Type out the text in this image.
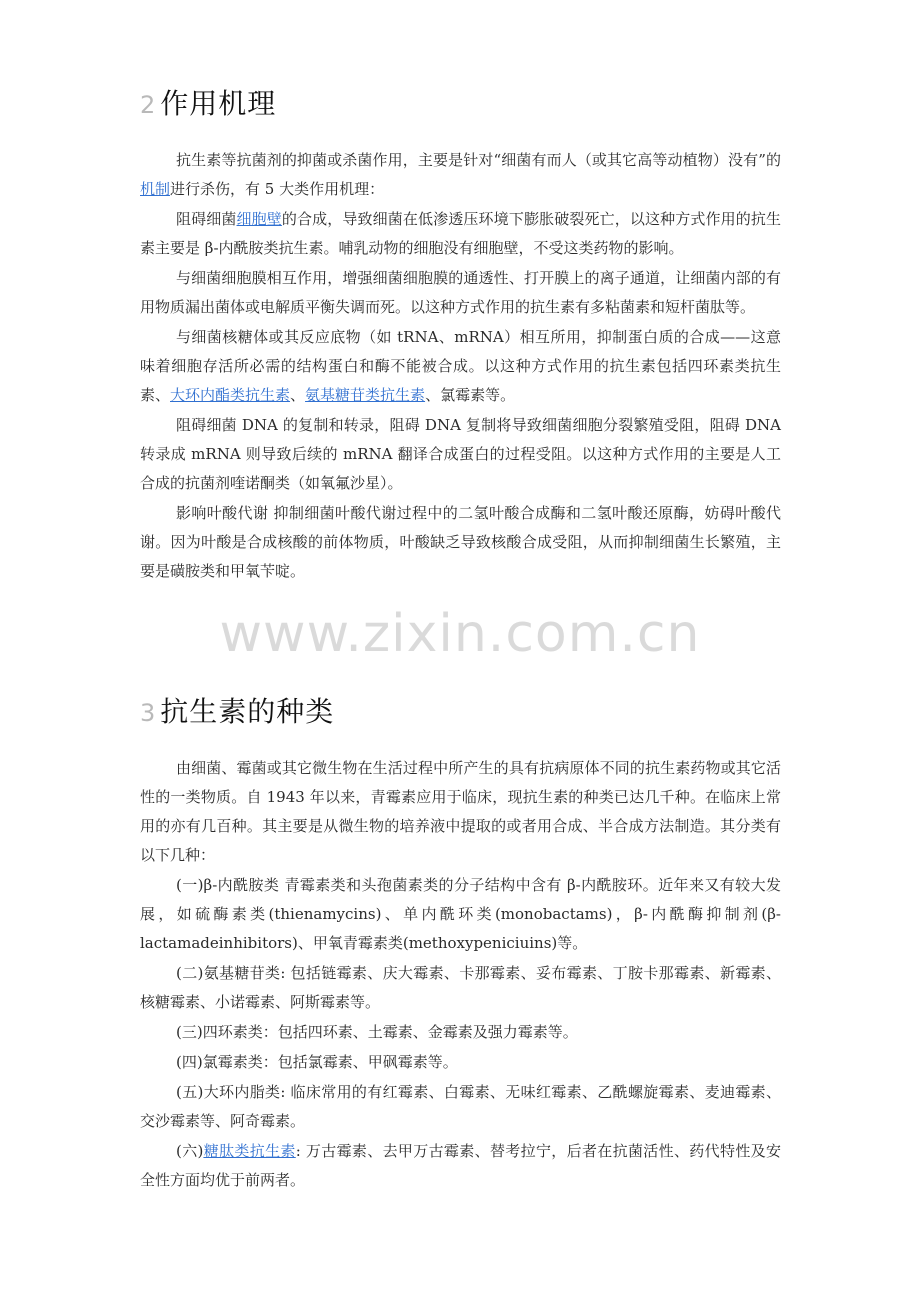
2 作用机理

抗生素等抗菌剂的抑菌或杀菌作用，主要是针对“细菌有而人（或其它高等动植物）没有”的机制进行杀伤，有 5 大类作用机理：

阻碍细菌细胞壁的合成，导致细菌在低渗透压环境下膨胀破裂死亡，以这种方式作用的抗生素主要是 β-内酰胺类抗生素。哺乳动物的细胞没有细胞壁，不受这类药物的影响。

与细菌细胞膜相互作用，增强细菌细胞膜的通透性、打开膜上的离子通道，让细菌内部的有用物质漏出菌体或电解质平衡失调而死。以这种方式作用的抗生素有多粘菌素和短杆菌肽等。

与细菌核糖体或其反应底物（如 tRNA、mRNA）相互所用，抑制蛋白质的合成——这意味着细胞存活所必需的结构蛋白和酶不能被合成。以这种方式作用的抗生素包括四环素类抗生素、大环内酯类抗生素、氨基糖苷类抗生素、氯霉素等。

阻碍细菌 DNA 的复制和转录，阻碍 DNA 复制将导致细菌细胞分裂繁殖受阻，阻碍 DNA 转录成 mRNA 则导致后续的 mRNA 翻译合成蛋白的过程受阻。以这种方式作用的主要是人工合成的抗菌剂喹诺酮类（如氧氟沙星）。

影响叶酸代谢 抑制细菌叶酸代谢过程中的二氢叶酸合成酶和二氢叶酸还原酶，妨碍叶酸代谢。因为叶酸是合成核酸的前体物质，叶酸缺乏导致核酸合成受阻，从而抑制细菌生长繁殖，主要是磺胺类和甲氧苄啶。

www.zixin.com.cn
3 抗生素的种类

由细菌、霉菌或其它微生物在生活过程中所产生的具有抗病原体不同的抗生素药物或其它活性的一类物质。自 1943 年以来，青霉素应用于临床，现抗生素的种类已达几千种。在临床上常用的亦有几百种。其主要是从微生物的培养液中提取的或者用合成、半合成方法制造。其分类有以下几种：

(一)β-内酰胺类 青霉素类和头孢菌素类的分子结构中含有 β-内酰胺环。近年来又有较大发展，如硫酶素类(thienamycins)、单内酰环类(monobactams)，β-内酰酶抑制剂(β-lactamadeinhibitors)、甲氧青霉素类(methoxypeniciuins)等。

(二)氨基糖苷类: 包括链霉素、庆大霉素、卡那霉素、妥布霉素、丁胺卡那霉素、新霉素、核糖霉素、小诺霉素、阿斯霉素等。

(三)四环素类：包括四环素、土霉素、金霉素及强力霉素等。

(四)氯霉素类：包括氯霉素、甲砜霉素等。

(五)大环内脂类: 临床常用的有红霉素、白霉素、无味红霉素、乙酰螺旋霉素、麦迪霉素、交沙霉素等、阿奇霉素。

(六)糖肽类抗生素: 万古霉素、去甲万古霉素、替考拉宁，后者在抗菌活性、药代特性及安全性方面均优于前两者。
